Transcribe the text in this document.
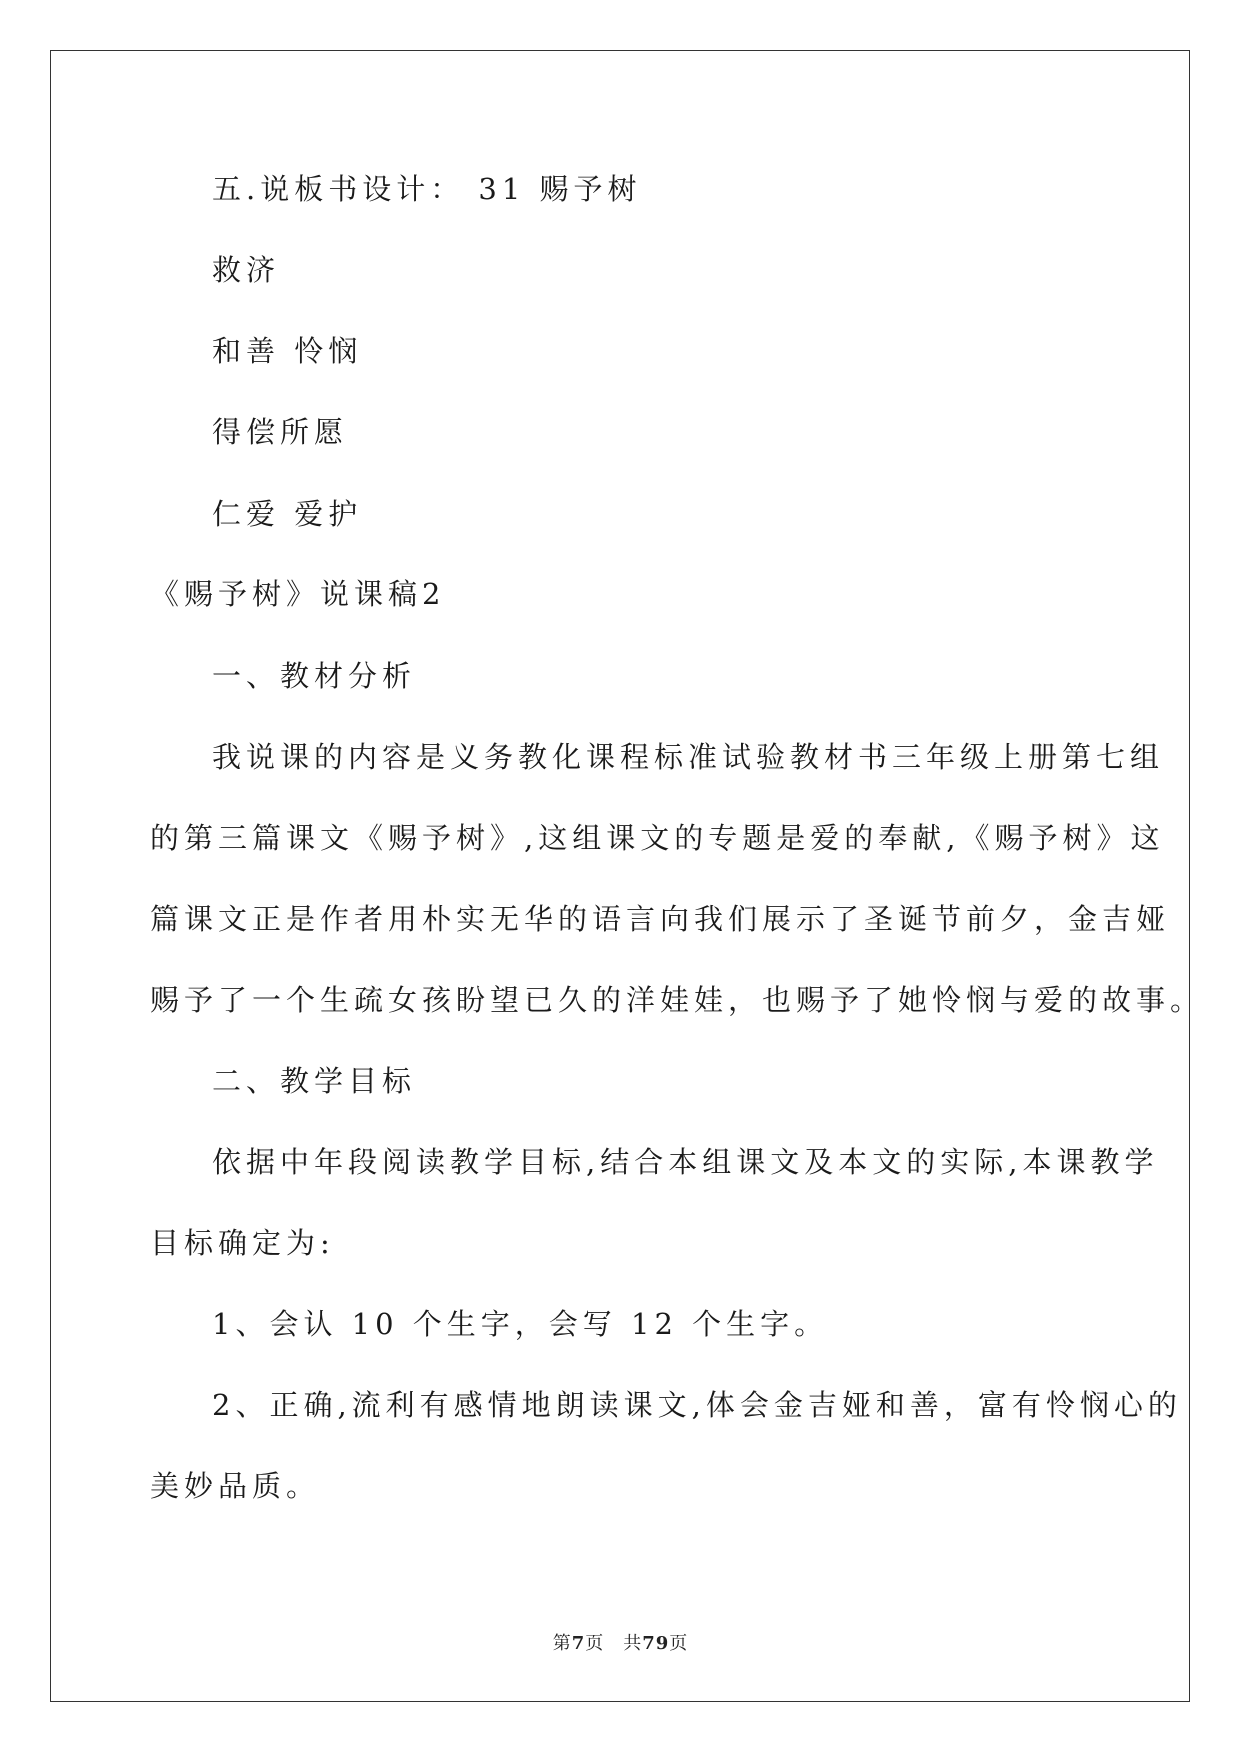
五.说板书设计： 31 赐予树
救济
和善 怜悯
得偿所愿
仁爱 爱护
《赐予树》说课稿2
一、教材分析
我说课的内容是义务教化课程标准试验教材书三年级上册第七组
的第三篇课文《赐予树》,这组课文的专题是爱的奉献,《赐予树》这
篇课文正是作者用朴实无华的语言向我们展示了圣诞节前夕，金吉娅
赐予了一个生疏女孩盼望已久的洋娃娃，也赐予了她怜悯与爱的故事。
二、教学目标
依据中年段阅读教学目标,结合本组课文及本文的实际,本课教学
目标确定为:
1、会认 10 个生字，会写 12 个生字。
2、正确,流利有感情地朗读课文,体会金吉娅和善，富有怜悯心的
美妙品质。
第7页　共79页
